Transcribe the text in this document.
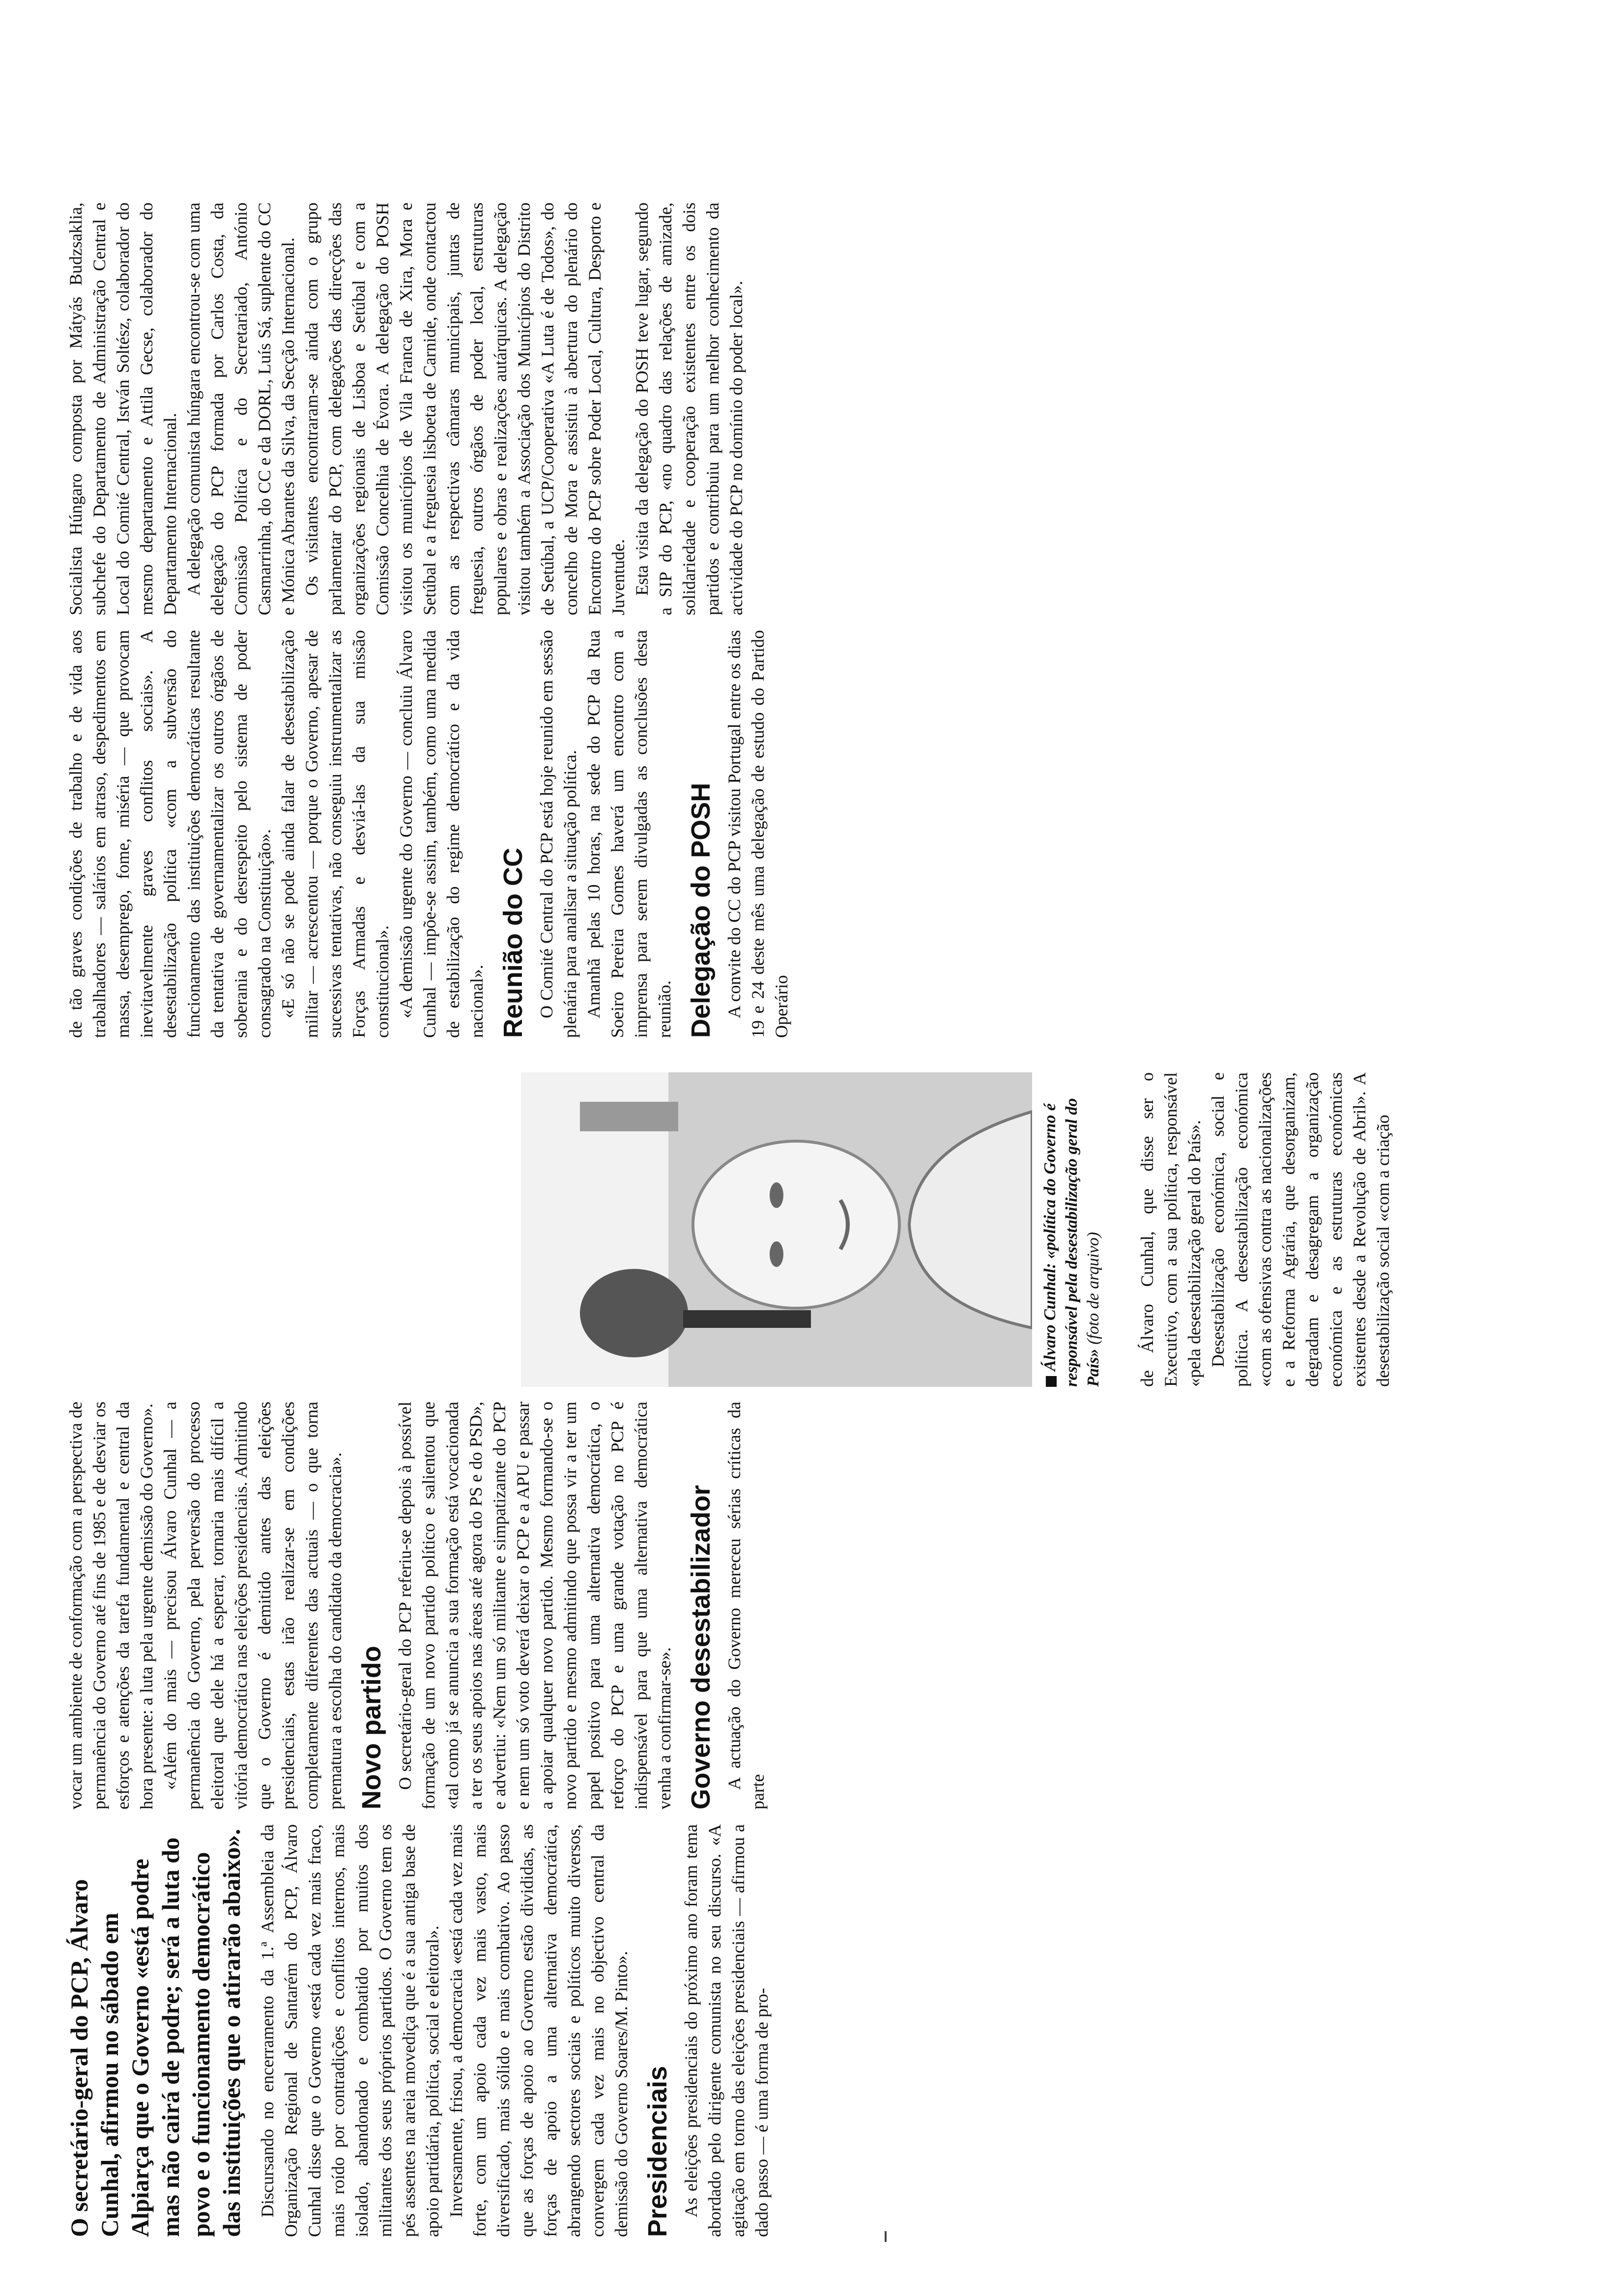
O secretário-geral do PCP, Álvaro Cunhal, afirmou no sábado em Alpiarça que o Governo «está podre mas não cairá de podre; será a luta do povo e o funcionamento democrático das instituições que o atirarão abaixo». Discursando no encerramento da 1.ª Assembleia da Organização Regional de Santarém do PCP, Álvaro Cunhal disse que o Governo «está cada vez mais fraco, mais roído por contradições e conflitos internos, mais isolado, abandonado e combatido por muitos dos militantes dos seus próprios partidos. O Governo tem os pés assentes na areia movediça que é a sua antiga base de apoio partidária, política, social e eleitoral». Inversamente, frisou, a democracia «está cada vez mais forte, com um apoio cada vez mais vasto, mais diversificado, mais sólido e mais combativo. Ao passo que as forças de apoio ao Governo estão divididas, as forças de apoio a uma alternativa democrática, abrangendo sectores sociais e políticos muito diversos, convergem cada vez mais no objectivo central da demissão do Governo Soares/M. Pinto». Presidenciais As eleições presidenciais do próximo ano foram tema abordado pelo dirigente comunista no seu discurso. «A agitação em torno das eleições presidenciais — afirmou a dado passo — é uma forma de pro-

vocar um ambiente de conformação com a perspectiva de permanência do Governo até fins de 1985 e de desviar os esforços e atenções da tarefa fundamental e central da hora presente: a luta pela urgente demissão do Governo». «Além do mais — precisou Álvaro Cunhal — a permanência do Governo, pela perversão do processo eleitoral que dele há a esperar, tornaria mais difícil a vitória democrática nas eleições presidenciais. Admitindo que o Governo é demitido antes das eleições presidenciais, estas irão realizar-se em condições completamente diferentes das actuais — o que torna prematura a escolha do candidato da democracia». Novo partido O secretário-geral do PCP referiu-se depois à possível formação de um novo partido político e salientou que «tal como já se anuncia a sua formação está vocacionada a ter os seus apoios nas áreas até agora do PS e do PSD», e advertiu: «Nem um só militante e simpatizante do PCP e nem um só voto deverá deixar o PCP e a APU e passar a apoiar qualquer novo partido. Mesmo formando-se o novo partido e mesmo admitindo que possa vir a ter um papel positivo para uma alternativa democrática, o reforço do PCP e uma grande votação no PCP é indispensável para que uma alternativa democrática venha a confirmar-se». Governo desestabilizador A actuação do Governo mereceu sérias críticas da parte

Álvaro Cunhal: «política do Governo é responsável pela desestabilização geral do País» (foto de arquivo) de Álvaro Cunhal, que disse ser o Executivo, com a sua política, responsável «pela desestabilização geral do País». Desestabilização económica, social e política. A desestabilização económica «com as ofensivas contra as nacionalizações e a Reforma Agrária, que desorganizam, degradam e desagregam a organização económica e as estruturas económicas existentes desde a Revolução de Abril». A desestabilização social «com a criação

de tão graves condições de trabalho e de vida aos trabalhadores — salários em atraso, despedimentos em massa, desemprego, fome, miséria — que provocam inevitavelmente graves conflitos sociais». A desestabilização política «com a subversão do funcionamento das instituições democráticas resultante da tentativa de governamentalizar os outros órgãos de soberania e do desrespeito pelo sistema de poder consagrado na Constituição». «E só não se pode ainda falar de desestabilização militar — acrescentou — porque o Governo, apesar de sucessivas tentativas, não conseguiu instrumentalizar as Forças Armadas e desviá-las da sua missão constitucional». «A demissão urgente do Governo — concluiu Álvaro Cunhal — impõe-se assim, também, como uma medida de estabilização do regime democrático e da vida nacional». Reunião do CC O Comité Central do PCP está hoje reunido em sessão plenária para analisar a situação política. Amanhã pelas 10 horas, na sede do PCP da Rua Soeiro Pereira Gomes haverá um encontro com a imprensa para serem divulgadas as conclusões desta reunião. Delegação do POSH A convite do CC do PCP visitou Portugal entre os dias 19 e 24 deste mês uma delegação de estudo do Partido Operário

Socialista Húngaro composta por Mátyás Budzsaklia, subchefe do Departamento de Administração Central e Local do Comité Central, István Soltész, colaborador do mesmo departamento e Attila Gecse, colaborador do Departamento Internacional. A delegação comunista húngara encontrou-se com uma delegação do PCP formada por Carlos Costa, da Comissão Política e do Secretariado, António Casmarrinha, do CC e da DORL, Luís Sá, suplente do CC e Mónica Abrantes da Silva, da Secção Internacional. Os visitantes encontraram-se ainda com o grupo parlamentar do PCP, com delegações das direcções das organizações regionais de Lisboa e Setúbal e com a Comissão Concelhia de Évora. A delegação do POSH visitou os municípios de Vila Franca de Xira, Mora e Setúbal e a freguesia lisboeta de Carnide, onde contactou com as respectivas câmaras municipais, juntas de freguesia, outros órgãos de poder local, estruturas populares e obras e realizações autárquicas. A delegação visitou também a Associação dos Municípios do Distrito de Setúbal, a UCP/Cooperativa «A Luta é de Todos», do concelho de Mora e assistiu à abertura do plenário do Encontro do PCP sobre Poder Local, Cultura, Desporto e Juventude. Esta visita da delegação do POSH teve lugar, segundo a SIP do PCP, «no quadro das relações de amizade, solidariedade e cooperação existentes entre os dois partidos e contribuiu para um melhor conhecimento da actividade do PCP no domínio do poder local».
